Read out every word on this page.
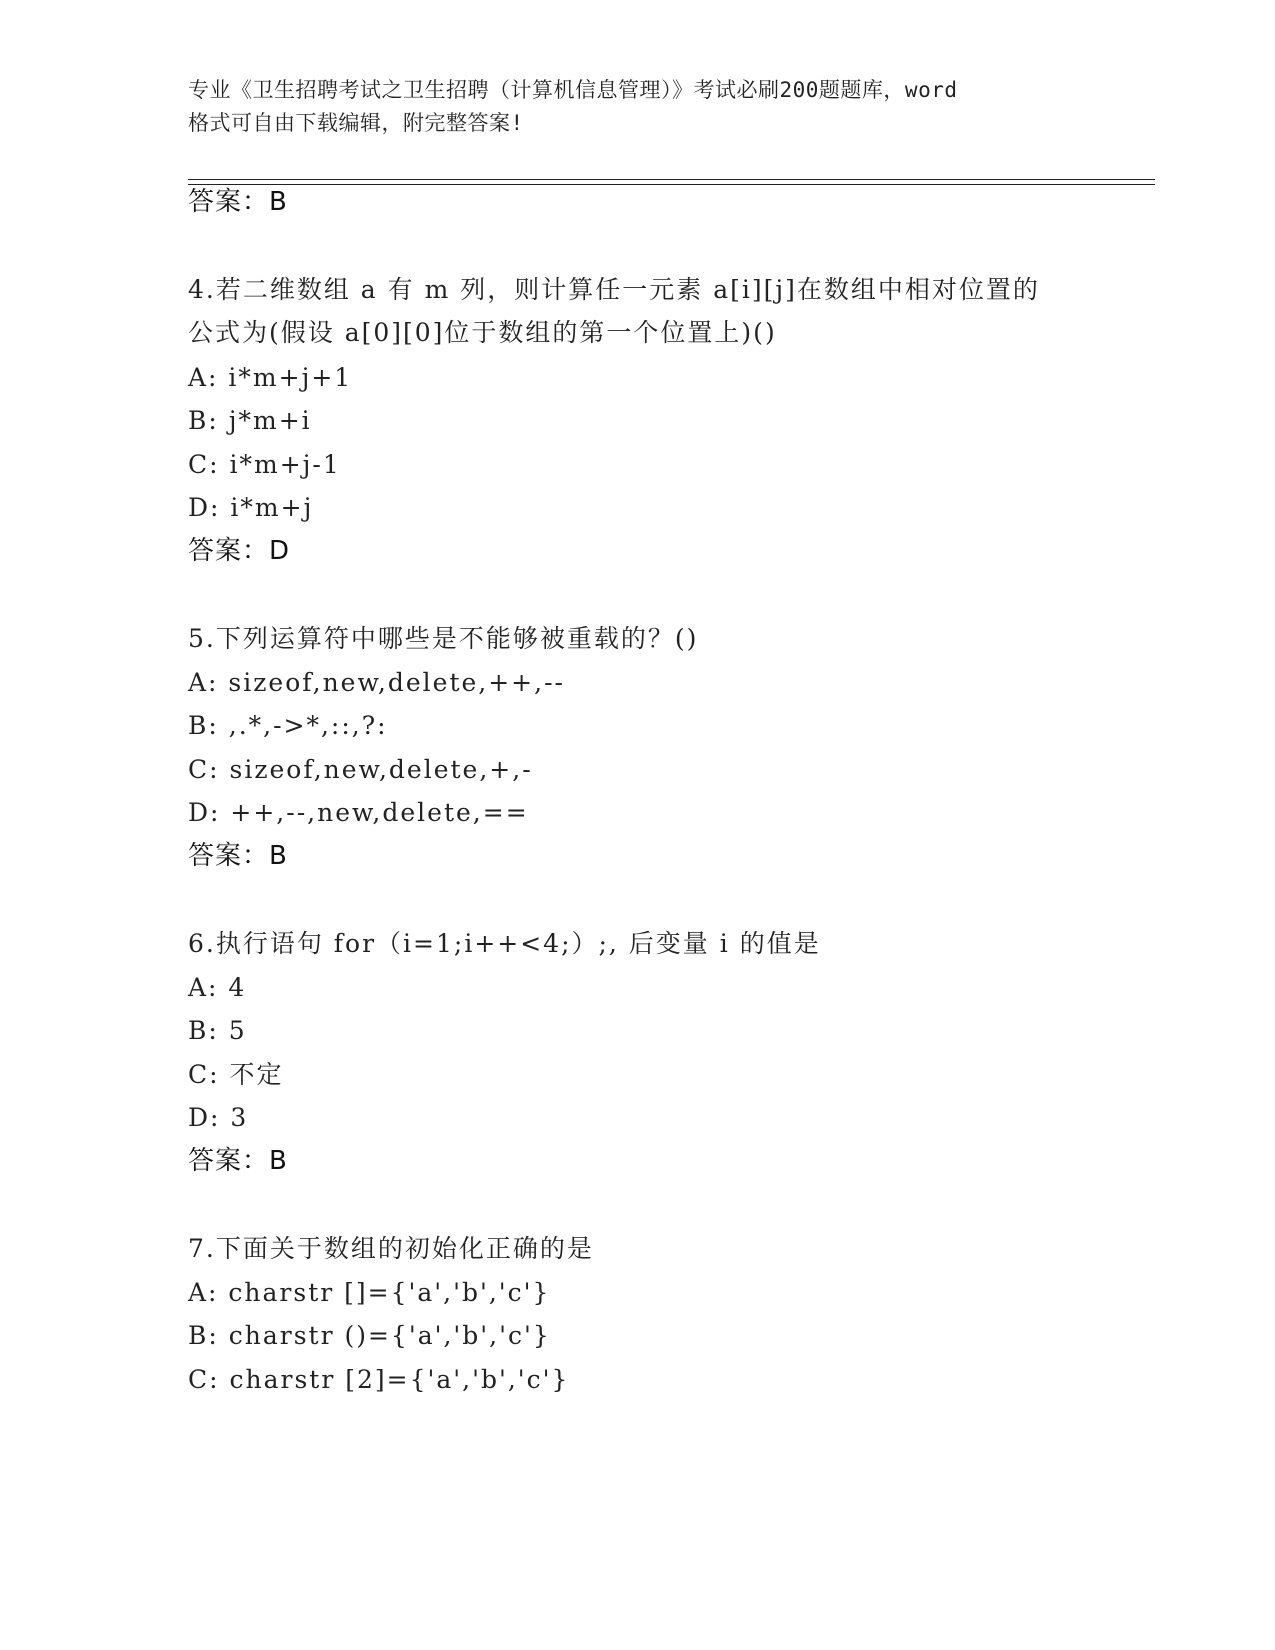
专业《卫生招聘考试之卫生招聘（计算机信息管理）》考试必刷200题题库，word
格式可自由下载编辑，附完整答案!
答案：B
4.若二维数组 a 有 m 列，则计算任一元素 a[i][j]在数组中相对位置的
公式为(假设 a[0][0]位于数组的第一个位置上)()
A: i*m+j+1
B: j*m+i
C: i*m+j-1
D: i*m+j
答案：D
5.下列运算符中哪些是不能够被重载的？()
A: sizeof,new,delete,++,--
B: ,.*,->*,::,?:
C: sizeof,new,delete,+,-
D: ++,--,new,delete,==
答案：B
6.执行语句 for（i=1;i++<4;）;, 后变量 i 的值是
A: 4
B: 5
C: 不定
D: 3
答案：B
7.下面关于数组的初始化正确的是
A: charstr []={'a','b','c'}
B: charstr ()={'a','b','c'}
C: charstr [2]={'a','b','c'}
